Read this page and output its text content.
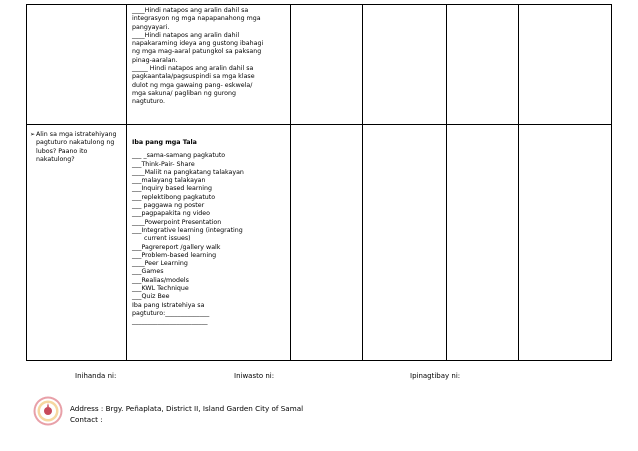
____Hindi natapos ang aralin dahil sa
integrasyon ng mga napapanahong mga
pangyayari.
____Hindi natapos ang aralin dahil
napakaraming ideya ang gustong ibahagi
ng mga mag-aaral patungkol sa paksang
pinag-aaralan.
_____ Hindi natapos ang aralin dahil sa
pagkaantala/pagsuspindi sa mga klase
dulot ng mga gawaing pang- eskwela/
mga sakuna/ pagliban ng gurong
nagtuturo.
➢ Alin sa mga istratehiyang
pagtuturo nakatulong ng
lubos? Paano ito
nakatulong?
Iba pang mga Tala
___ _sama-samang pagkatuto
___Think-Pair- Share
____Maliit na pangkatang talakayan
___malayang talakayan
___Inquiry based learning
___replektibong pagkatuto
___ paggawa ng poster
___pagpapakita ng video
____Powerpoint Presentation
___Integrative learning (integrating
current issues)
___Pagrereport /gallery walk
___Problem-based learning
____Peer Learning
___Games
___Realias/models
___KWL Technique
___Quiz Bee
Iba pang Istratehiya sa
pagtuturo:______________
________________________
Inihanda ni:	Iniwasto ni:	Ipinagtibay ni:
Address : Brgy. Peñaplata, District II, Island Garden City of Samal
Contact :
